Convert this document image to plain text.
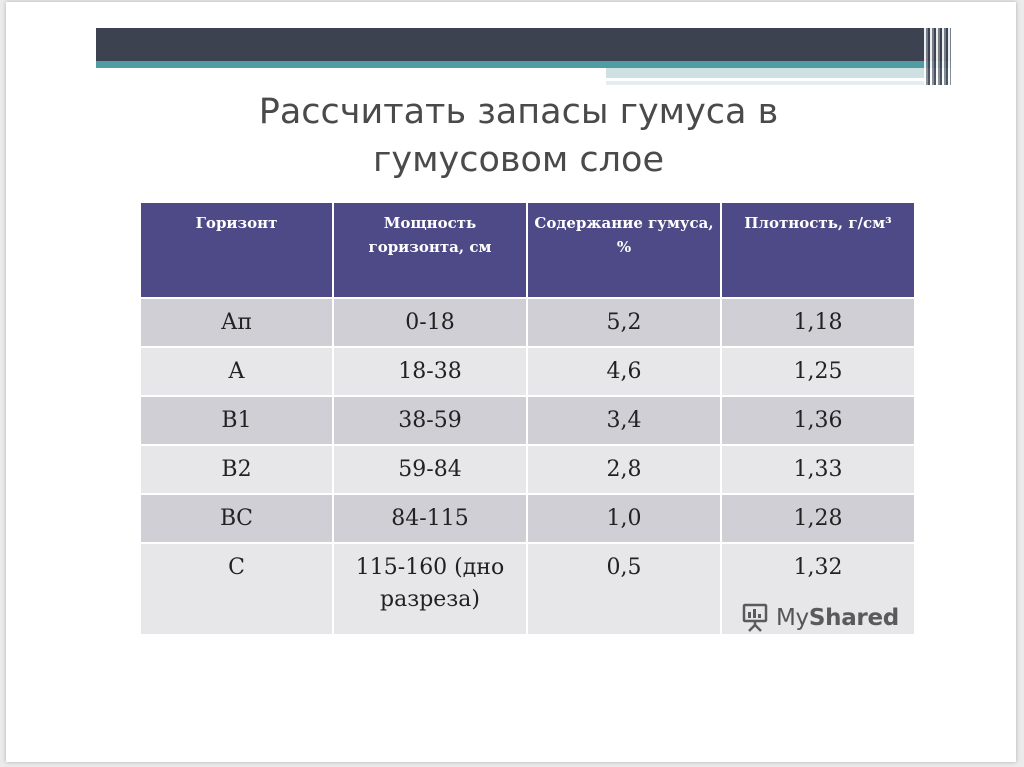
Рассчитать запасы гумуса в
гумусовом слое
Горизонт	Мощность горизонта, см	Содержание гумуса, %	Плотность, г/см³
Ап	0-18	5,2	1,18
А	18-38	4,6	1,25
В1	38-59	3,4	1,36
В2	59-84	2,8	1,33
ВС	84-115	1,0	1,28
С	115-160 (дно разреза)	0,5	1,32
MyShared
